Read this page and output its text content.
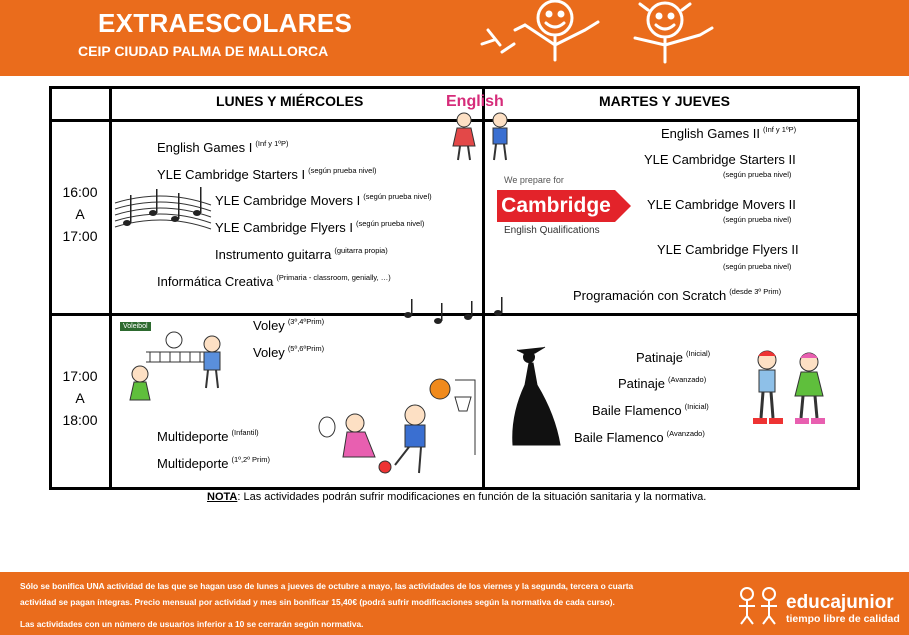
EXTRAESCOLARES
CEIP CIUDAD PALMA DE MALLORCA
LUNES Y MIÉRCOLES	MARTES Y JUEVES
16:00
A
17:00
17:00
A
18:00
English Games I $^{(Inf y 1ºP)}$
YLE Cambridge Starters I $^{(según prueba nivel)}$
YLE Cambridge Movers I $^{(según prueba nivel)}$
YLE Cambridge Flyers I $^{(según prueba nivel)}$
Instrumento guitarra $^{(guitarra propia)}$
Informática Creativa $^{(Primaria - classroom, genially, \dots)}$
English
English Games II $^{(Inf y 1ºP)}$
YLE Cambridge Starters II
(según prueba nivel)
YLE Cambridge Movers II
(según prueba nivel)
YLE Cambridge Flyers II
(según prueba nivel)
Programación con Scratch $^{(desde 3º Prim)}$
We prepare for
Cambridge
English Qualifications
Voleibol	Voley $^{(3º,4ºPrim)}$
Voley $^{(5º,6ºPrim)}$
Multideporte $^{(Infantil)}$
Multideporte $^{(1º,2º Prim)}$
Patinaje $^{(Inicial)}$
Patinaje $^{(Avanzado)}$
Baile Flamenco $^{(Inicial)}$
Baile Flamenco $^{(Avanzado)}$
NOTA: Las actividades podrán sufrir modificaciones en función de la situación sanitaria y la normativa.
Sólo se bonifica UNA actividad de las que se hagan uso de lunes a jueves de octubre a mayo, las actividades de los viernes y la segunda, tercera o cuarta
actividad se pagan íntegras. Precio mensual por actividad y mes sin bonificar 15,40€ (podrá sufrir modificaciones según la normativa de cada curso).
Las actividades con un número de usuarios inferior a 10 se cerrarán según normativa.
educajunior
tiempo libre de calidad
